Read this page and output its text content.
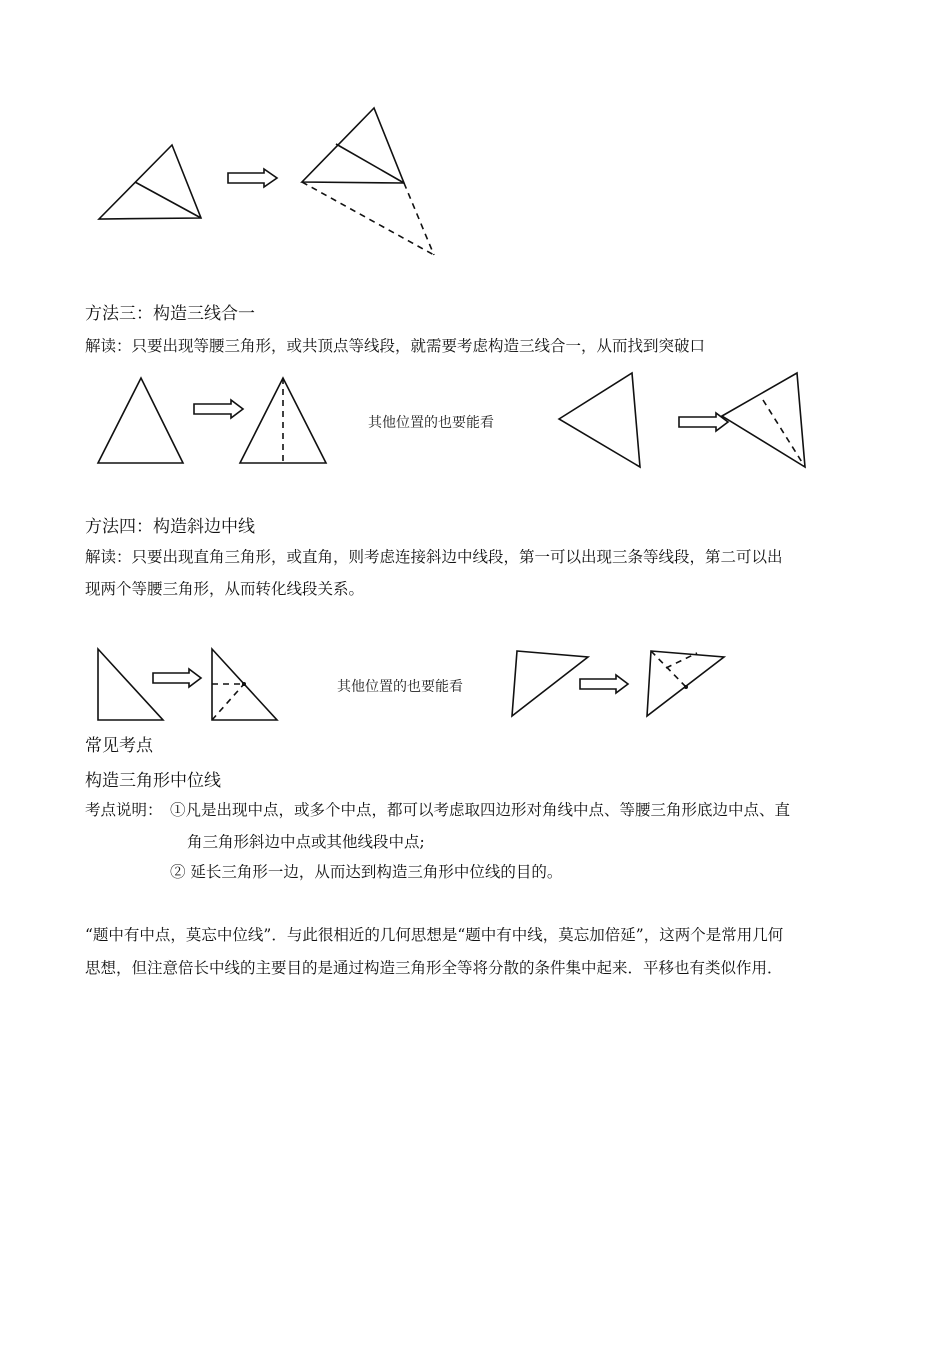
方法三：构造三线合一
解读：只要出现等腰三角形，或共顶点等线段，就需要考虑构造三线合一，从而找到突破口
其他位置的也要能看
方法四：构造斜边中线
解读：只要出现直角三角形，或直角，则考虑连接斜边中线段，第一可以出现三条等线段，第二可以出
现两个等腰三角形，从而转化线段关系。
其他位置的也要能看
常见考点
构造三角形中位线
考点说明： ①凡是出现中点，或多个中点，都可以考虑取四边形对角线中点、等腰三角形底边中点、直
角三角形斜边中点或其他线段中点;
② 延长三角形一边，从而达到构造三角形中位线的目的。
“题中有中点，莫忘中位线”．与此很相近的几何思想是“题中有中线，莫忘加倍延”，这两个是常用几何
思想，但注意倍长中线的主要目的是通过构造三角形全等将分散的条件集中起来．平移也有类似作用．
